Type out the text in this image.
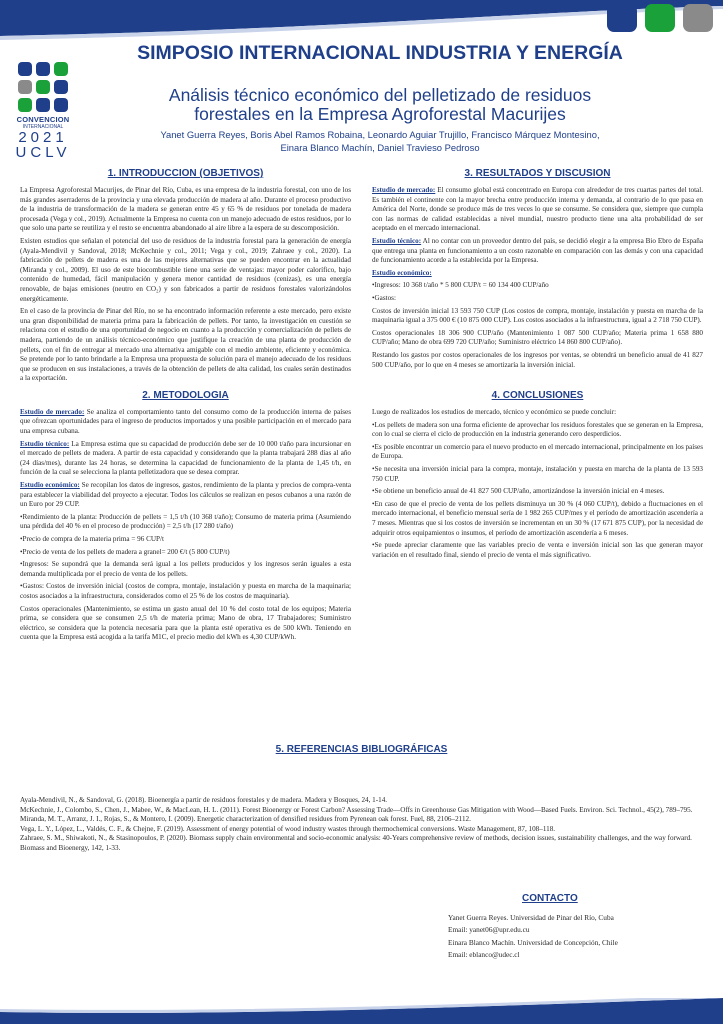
CONVENCION
INTERNACIONAL
2021
UCLV
SIMPOSIO INTERNACIONAL INDUSTRIA Y ENERGÍA
Análisis técnico económico del pelletizado de residuos
forestales en la Empresa Agroforestal Macurijes
Yanet Guerra Reyes, Boris Abel Ramos Robaina, Leonardo Aguiar Trujillo, Francisco Márquez Montesino,
Einara Blanco Machín, Daniel Travieso Pedroso
1. INTRODUCCION (OBJETIVOS)

La Empresa Agroforestal Macurijes, de Pinar del Río, Cuba, es una empresa de la industria forestal, con uno de los más grandes aserraderos de la provincia y una elevada producción de madera al año. Durante el proceso productivo de la industria de transformación de la madera se generan entre 45 y 65 % de residuos por tonelada de madera procesada (Vega y col., 2019). Actualmente la Empresa no cuenta con un manejo adecuado de estos residuos, por lo que solo una parte se reutiliza y el resto se encuentra abandonado al aire libre a la espera de su descomposición.

Existen estudios que señalan el potencial del uso de residuos de la industria forestal para la generación de energía (Ayala-Mendivil y Sandoval, 2018; McKechnie y col., 2011; Vega y col., 2019; Zahraee y col., 2020). La fabricación de pellets de madera es una de las mejores alternativas que se pueden encontrar en la actualidad (Miranda y col., 2009). El uso de este biocombustible tiene una serie de ventajas: mayor poder calorífico, bajo contenido de humedad, fácil manipulación y genera menor cantidad de residuos (cenizas), es una energía renovable, de bajas emisiones (neutro en CO₂) y son fabricados a partir de residuos forestales valorizándolos energéticamente.

En el caso de la provincia de Pinar del Río, no se ha encontrado información referente a este mercado, pero existe una gran disponibilidad de materia prima para la fabricación de pellets. Por tanto, la investigación en cuestión se relaciona con el estudio de una oportunidad de negocio en cuanto a la producción y comercialización de pellets de madera, partiendo de un análisis técnico-económico que justifique la creación de una planta de producción de pellets, con el fin de entregar al mercado una alternativa amigable con el medio ambiente, eficiente y económica. Se pretende por lo tanto brindarle a la Empresa una propuesta de solución para el manejo adecuado de los residuos que se producen en sus instalaciones, a través de la obtención de pellets de alta calidad, los cuales serán destinados a la exportación.

2. METODOLOGIA

Estudio de mercado: Se analiza el comportamiento tanto del consumo como de la producción interna de países que ofrezcan oportunidades para el ingreso de productos importados y una posible participación en el mercado para una empresa cubana.

Estudio técnico: La Empresa estima que su capacidad de producción debe ser de 10 000 t/año para incursionar en el mercado de pellets de madera. A partir de esta capacidad y considerando que la planta trabajará 288 días al año (24 días/mes), durante las 24 horas, se determina la capacidad de funcionamiento de la planta de 1,45 t/h, en función de la cual se selecciona la planta pelletizadora que se desea comprar.

Estudio económico: Se recopilan los datos de ingresos, gastos, rendimiento de la planta y precios de compra-venta para establecer la viabilidad del proyecto a ejecutar. Todos los cálculos se realizan en pesos cubanos a una razón de un Euro por 29 CUP.

•Rendimiento de la planta: Producción de pellets = 1,5 t/h (10 368 t/año); Consumo de materia prima (Asumiendo una pérdida del 40 % en el proceso de producción) = 2,5 t/h (17 280 t/año)

•Precio de compra de la materia prima = 96 CUP/t

•Precio de venta de los pellets de madera a granel= 200 €/t (5 800 CUP/t)

•Ingresos: Se supondrá que la demanda será igual a los pellets producidos y los ingresos serán iguales a esta demanda multiplicada por el precio de venta de los pellets.

•Gastos: Costos de inversión inicial (costos de compra, montaje, instalación y puesta en marcha de la maquinaria; costos asociados a la infraestructura, considerados como el 25 % de los costos de maquinaria).

Costos operacionales (Mantenimiento, se estima un gasto anual del 10 % del costo total de los equipos; Materia prima, se considera que se consumen 2,5 t/h de materia prima; Mano de obra, 17 Trabajadores; Suministro eléctrico, se considera que la potencia necesaria para que la planta esté operativa es de 500 kWh. Teniendo en cuenta que la Empresa está acogida a la tarifa M1C, el precio medio del kWh es 4,30 CUP/kWh.

3. RESULTADOS Y DISCUSION

Estudio de mercado: El consumo global está concentrado en Europa con alrededor de tres cuartas partes del total. Es también el continente con la mayor brecha entre producción interna y demanda, al contrario de lo que pasa en América del Norte, donde se produce más de tres veces lo que se consume. Se considera que, siempre que cumpla con las normas de calidad establecidas a nivel mundial, nuestro producto tiene una alta probabilidad de ser aceptado en el mercado internacional.

Estudio técnico: Al no contar con un proveedor dentro del país, se decidió elegir a la empresa Bio Ebro de España que entrega una planta en funcionamiento a un costo razonable en comparación con las demás y con una capacidad de funcionamiento acorde a la establecida por la Empresa.

Estudio económico:

•Ingresos: 10 368 t/año * 5 800 CUP/t = 60 134 400 CUP/año

•Gastos:

Costos de inversión inicial 13 593 750 CUP (Los costos de compra, montaje, instalación y puesta en marcha de la maquinaria igual a 375 000 € (10 875 000 CUP). Los costos asociados a la infraestructura, igual a 2 718 750 CUP).

Costos operacionales 18 306 900 CUP/año (Mantenimiento 1 087 500 CUP/año; Materia prima 1 658 880 CUP/año; Mano de obra 699 720 CUP/año; Suministro eléctrico 14 860 800 CUP/año).

Restando los gastos por costos operacionales de los ingresos por ventas, se obtendrá un beneficio anual de 41 827 500 CUP/año, por lo que en 4 meses se amortizaría la inversión inicial.

4. CONCLUSIONES

Luego de realizados los estudios de mercado, técnico y económico se puede concluir:

•Los pellets de madera son una forma eficiente de aprovechar los residuos forestales que se generan en la Empresa, con lo cual se cierra el ciclo de producción en la industria generando cero desperdicios.

•Es posible encontrar un comercio para el nuevo producto en el mercado internacional, principalmente en los países de Europa.

•Se necesita una inversión inicial para la compra, montaje, instalación y puesta en marcha de la planta de 13 593 750 CUP.

•Se obtiene un beneficio anual de 41 827 500 CUP/año, amortizándose la inversión inicial en 4 meses.

•En caso de que el precio de venta de los pellets disminuya un 30 % (4 060 CUP/t), debido a fluctuaciones en el mercado internacional, el beneficio mensual sería de 1 982 265 CUP/mes y el período de amortización ascendería a 7 meses. Mientras que si los costos de inversión se incrementan en un 30 % (17 671 875 CUP), por la necesidad de adquirir otros equipamientos o insumos, el período de amortización ascendería a 6 meses.

•Se puede apreciar claramente que las variables precio de venta e inversión inicial son las que generan mayor variación en el resultado final, siendo el precio de venta el más significativo.

5. REFERENCIAS BIBLIOGRÁFICAS

Ayala-Mendivil, N., & Sandoval, G. (2018). Bioenergía a partir de residuos forestales y de madera. Madera y Bosques, 24, 1-14.

McKechnie, J., Colombo, S., Chen, J., Mabee, W., & MacLean, H. L. (2011). Forest Bioenergy or Forest Carbon? Assessing Trade—Offs in Greenhouse Gas Mitigation with Wood—Based Fuels. Environ. Sci. Technol., 45(2), 789–795.

Miranda, M. T., Arranz, J. I., Rojas, S., & Montero, I. (2009). Energetic characterization of densified residues from Pyrenean oak forest. Fuel, 88, 2106–2112.

Vega, L. Y., López, L., Valdés, C. F., & Chejne, F. (2019). Assessment of energy potential of wood industry wastes through thermochemical conversions. Waste Management, 87, 108–118.

Zahraee, S. M., Shiwakoti, N., & Stasinopoulos, P. (2020). Biomass supply chain environmental and socio-economic analysis: 40-Years comprehensive review of methods, decision issues, sustainability challenges, and the way forward. Biomass and Bioenergy, 142, 1-33.

CONTACTO
Yanet Guerra Reyes. Universidad de Pinar del Río, Cuba
Email: yanet06@upr.edu.cu
Einara Blanco Machín. Universidad de Concepción, Chile
Email: eblanco@udec.cl
